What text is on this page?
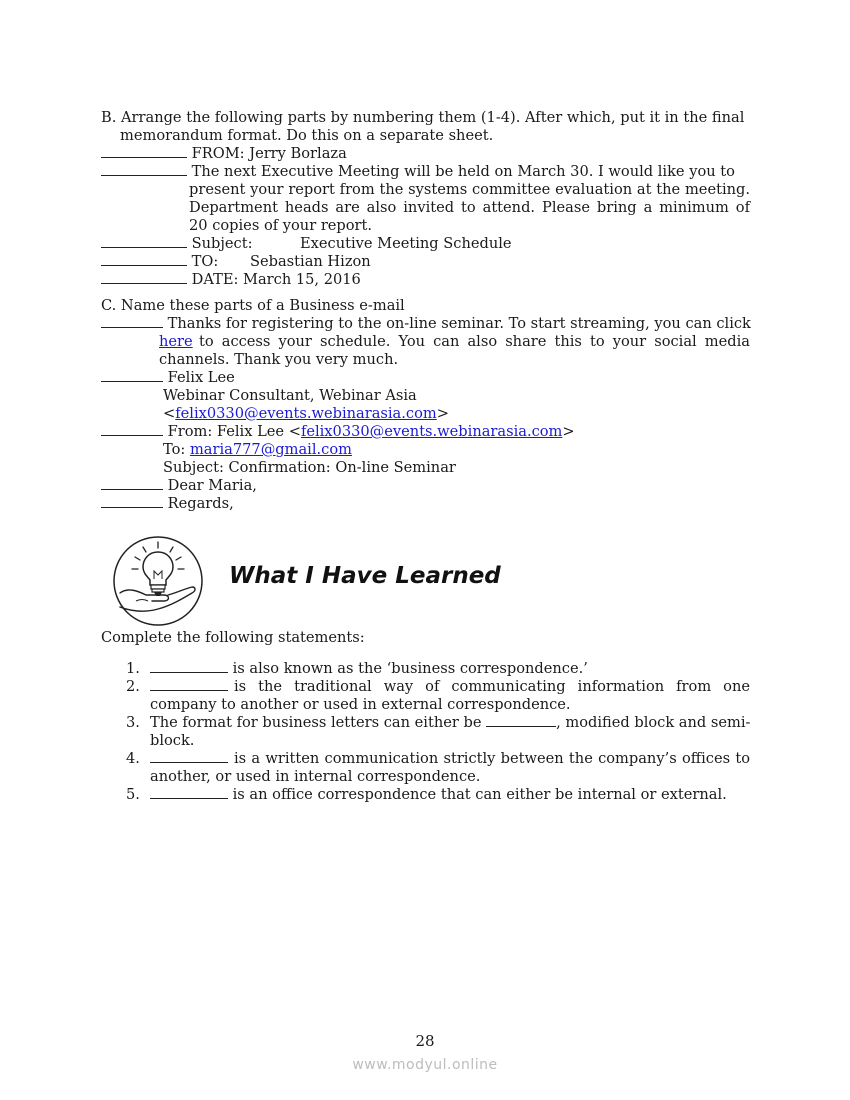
B. Arrange the following parts by numbering them (1-4). After which, put it in the final
memorandum format. Do this on a separate sheet.
FROM: Jerry Borlaza
The next Executive Meeting will be held on March 30. I would like you to
present your report from the systems committee evaluation at the meeting.
Department heads are also invited to attend. Please bring a minimum of
20 copies of your report.
Subject:	Executive Meeting Schedule
TO: Sebastian Hizon
DATE: March 15, 2016
C. Name these parts of a Business e-mail
Thanks for registering to the on-line seminar. To start streaming, you can click
here to access your schedule. You can also share this to your social media
channels. Thank you very much.
Felix Lee
Webinar Consultant, Webinar Asia
<felix0330@events.webinarasia.com>
From: Felix Lee <felix0330@events.webinarasia.com>
To: maria777@gmail.com
Subject: Confirmation: On-line Seminar
Dear Maria,
Regards,
What I Have Learned
Complete the following statements:
1.	is also known as the ‘business correspondence.’
2.	is the traditional way of communicating information from one
company to another or used in external correspondence.
3. The format for business letters can either be	, modified block and semi-
block.
4.	is a written communication strictly between the company’s offices to
another, or used in internal correspondence.
5.	is an office correspondence that can either be internal or external.
28
www.modyul.online
